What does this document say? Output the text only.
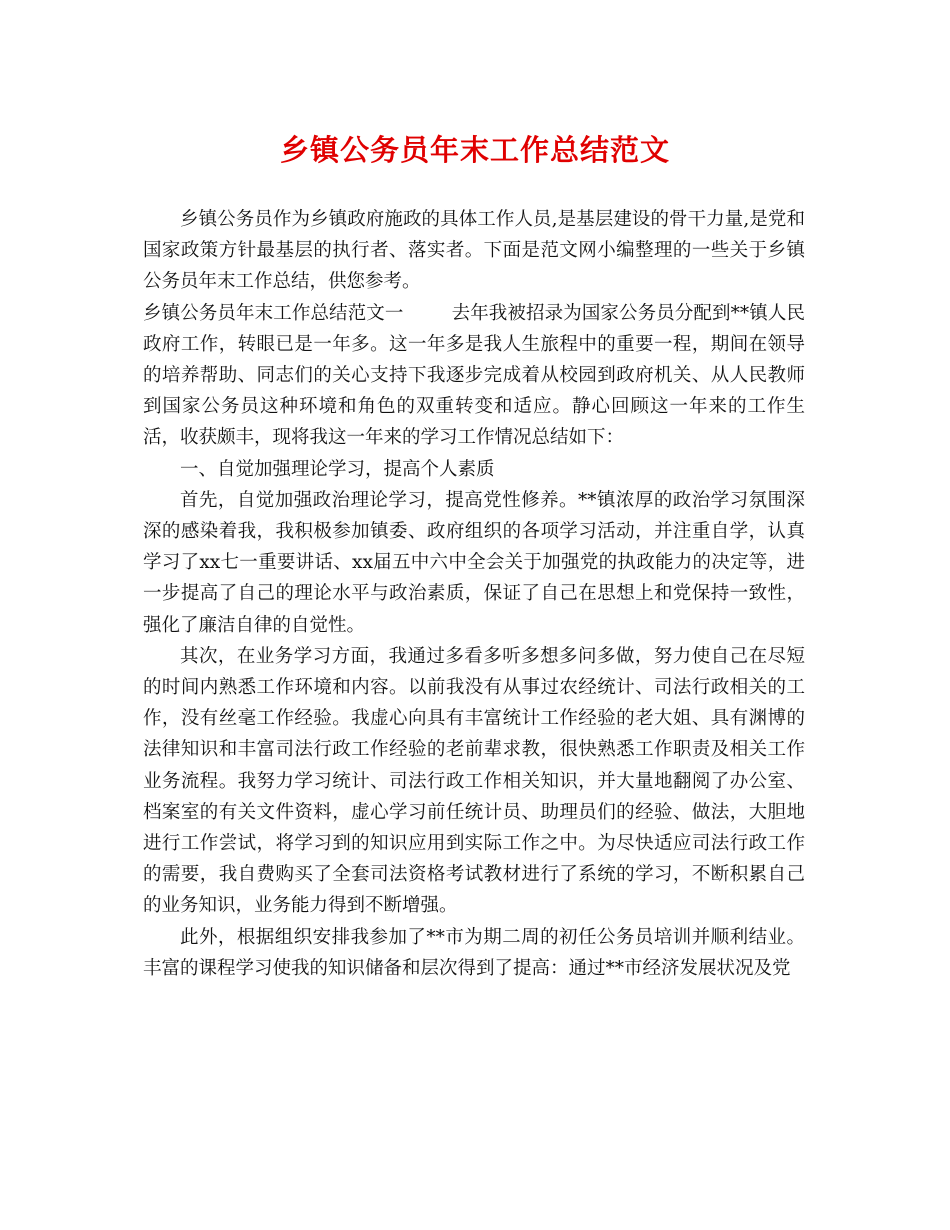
乡镇公务员年末工作总结范文

乡镇公务员作为乡镇政府施政的具体工作人员,是基层建设的骨干力量,是党和国家政策方针最基层的执行者、落实者。下面是范文网小编整理的一些关于乡镇公务员年末工作总结，供您参考。

乡镇公务员年末工作总结范文一	去年我被招录为国家公务员分配到**镇人民政府工作，转眼已是一年多。这一年多是我人生旅程中的重要一程，期间在领导的培养帮助、同志们的关心支持下我逐步完成着从校园到政府机关、从人民教师到国家公务员这种环境和角色的双重转变和适应。静心回顾这一年来的工作生活，收获颇丰，现将我这一年来的学习工作情况总结如下：

一、自觉加强理论学习，提高个人素质

首先，自觉加强政治理论学习，提高党性修养。**镇浓厚的政治学习氛围深深的感染着我，我积极参加镇委、政府组织的各项学习活动，并注重自学，认真学习了xx七一重要讲话、xx届五中六中全会关于加强党的执政能力的决定等，进一步提高了自己的理论水平与政治素质，保证了自己在思想上和党保持一致性，强化了廉洁自律的自觉性。

其次，在业务学习方面，我通过多看多听多想多问多做，努力使自己在尽短的时间内熟悉工作环境和内容。以前我没有从事过农经统计、司法行政相关的工作，没有丝毫工作经验。我虚心向具有丰富统计工作经验的老大姐、具有渊博的法律知识和丰富司法行政工作经验的老前辈求教，很快熟悉工作职责及相关工作业务流程。我努力学习统计、司法行政工作相关知识，并大量地翻阅了办公室、档案室的有关文件资料，虚心学习前任统计员、助理员们的经验、做法，大胆地进行工作尝试，将学习到的知识应用到实际工作之中。为尽快适应司法行政工作的需要，我自费购买了全套司法资格考试教材进行了系统的学习，不断积累自己的业务知识，业务能力得到不断增强。

此外，根据组织安排我参加了**市为期二周的初任公务员培训并顺利结业。丰富的课程学习使我的知识储备和层次得到了提高：通过**市经济发展状况及党
